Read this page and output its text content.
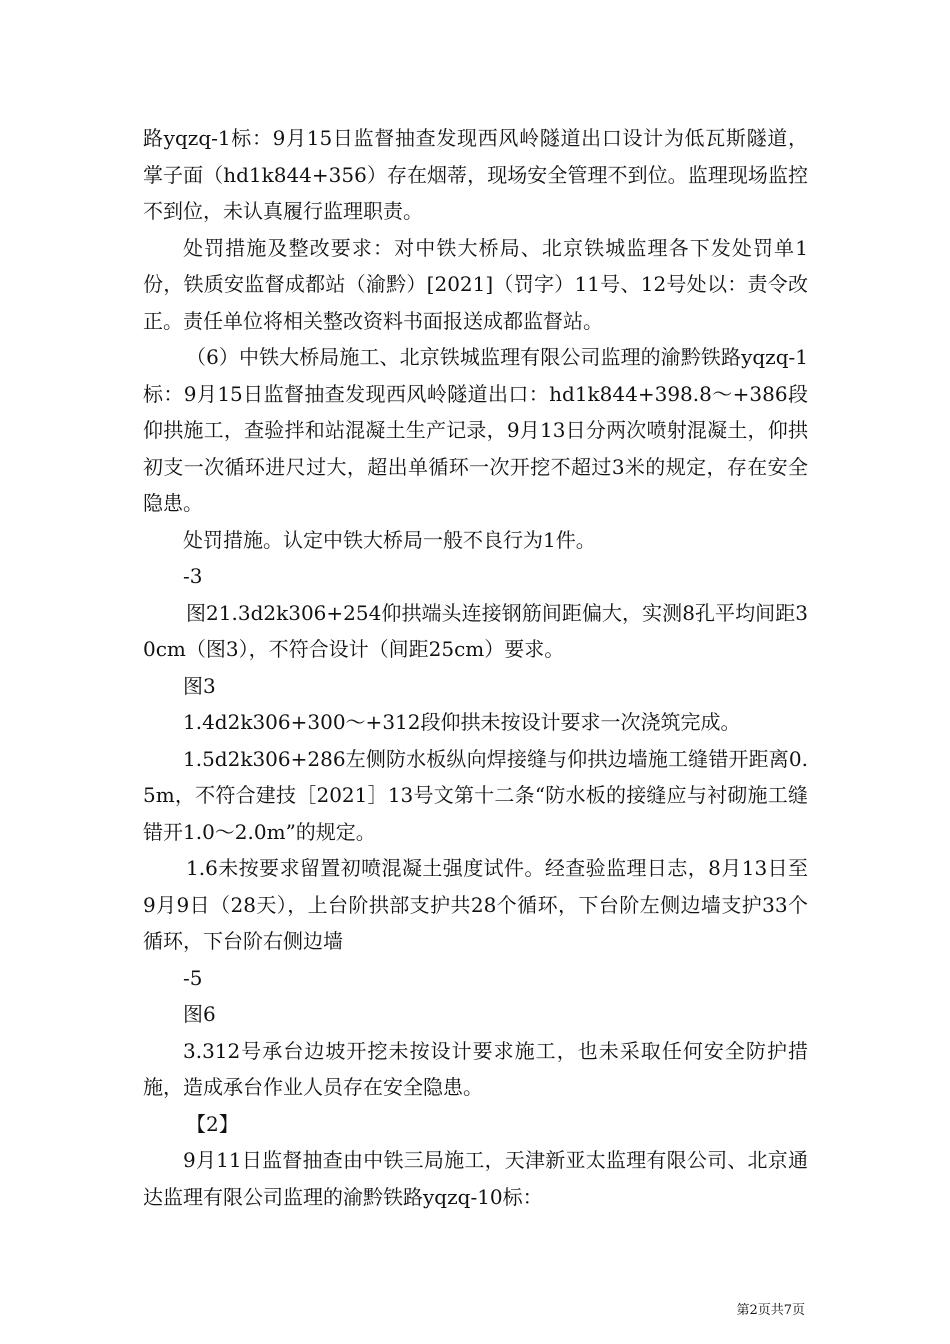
路yqzq-1标：9月15日监督抽查发现西风岭隧道出口设计为低瓦斯隧道，掌子面（hd1k844+356）存在烟蒂，现场安全管理不到位。监理现场监控不到位，未认真履行监理职责。

处罚措施及整改要求：对中铁大桥局、北京铁城监理各下发处罚单1份，铁质安监督成都站（渝黔）[2021]（罚字）11号、12号处以：责令改正。责任单位将相关整改资料书面报送成都监督站。

（6）中铁大桥局施工、北京铁城监理有限公司监理的渝黔铁路yqzq-1标：9月15日监督抽查发现西风岭隧道出口：hd1k844+398.8～+386段仰拱施工，查验拌和站混凝土生产记录，9月13日分两次喷射混凝土，仰拱初支一次循环进尺过大，超出单循环一次开挖不超过3米的规定，存在安全隐患。

处罚措施。认定中铁大桥局一般不良行为1件。

-3

图21.3d2k306+254仰拱端头连接钢筋间距偏大，实测8孔平均间距30cm（图3），不符合设计（间距25cm）要求。

图3

1.4d2k306+300～+312段仰拱未按设计要求一次浇筑完成。

1.5d2k306+286左侧防水板纵向焊接缝与仰拱边墙施工缝错开距离0.5m，不符合建技［2021］13号文第十二条“防水板的接缝应与衬砌施工缝错开1.0～2.0m”的规定。

1.6未按要求留置初喷混凝土强度试件。经查验监理日志，8月13日至9月9日（28天），上台阶拱部支护共28个循环，下台阶左侧边墙支护33个循环，下台阶右侧边墙

-5

图6

3.312号承台边坡开挖未按设计要求施工，也未采取任何安全防护措施，造成承台作业人员存在安全隐患。

【2】

9月11日监督抽查由中铁三局施工，天津新亚太监理有限公司、北京通达监理有限公司监理的渝黔铁路yqzq-10标：

第2页共7页
